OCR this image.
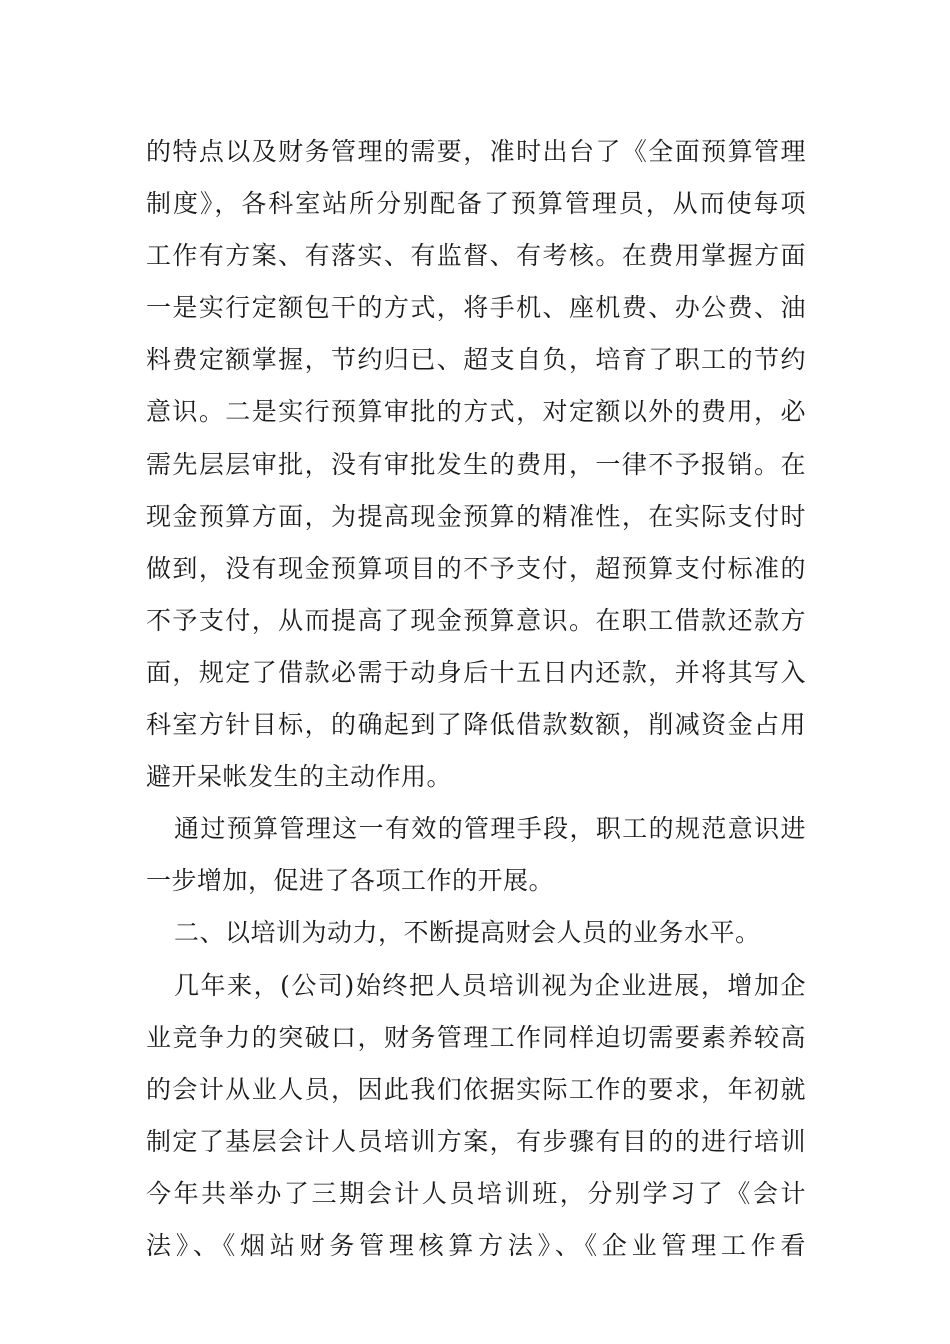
的特点以及财务管理的需要，准时出台了《全面预算管理
制度》，各科室站所分别配备了预算管理员，从而使每项
工作有方案、有落实、有监督、有考核。在费用掌握方面
一是实行定额包干的方式，将手机、座机费、办公费、油
料费定额掌握，节约归已、超支自负，培育了职工的节约
意识。二是实行预算审批的方式，对定额以外的费用，必
需先层层审批，没有审批发生的费用，一律不予报销。在
现金预算方面，为提高现金预算的精准性，在实际支付时
做到，没有现金预算项目的不予支付，超预算支付标准的
不予支付，从而提高了现金预算意识。在职工借款还款方
面，规定了借款必需于动身后十五日内还款，并将其写入
科室方针目标，的确起到了降低借款数额，削减资金占用
避开呆帐发生的主动作用。
通过预算管理这一有效的管理手段，职工的规范意识进
一步增加，促进了各项工作的开展。
二、以培训为动力，不断提高财会人员的业务水平。
几年来，(公司)始终把人员培训视为企业进展，增加企
业竞争力的突破口，财务管理工作同样迫切需要素养较高
的会计从业人员，因此我们依据实际工作的要求，年初就
制定了基层会计人员培训方案，有步骤有目的的进行培训
今年共举办了三期会计人员培训班，分别学习了《会计
法》、《烟站财务管理核算方法》、《企业管理工作看
